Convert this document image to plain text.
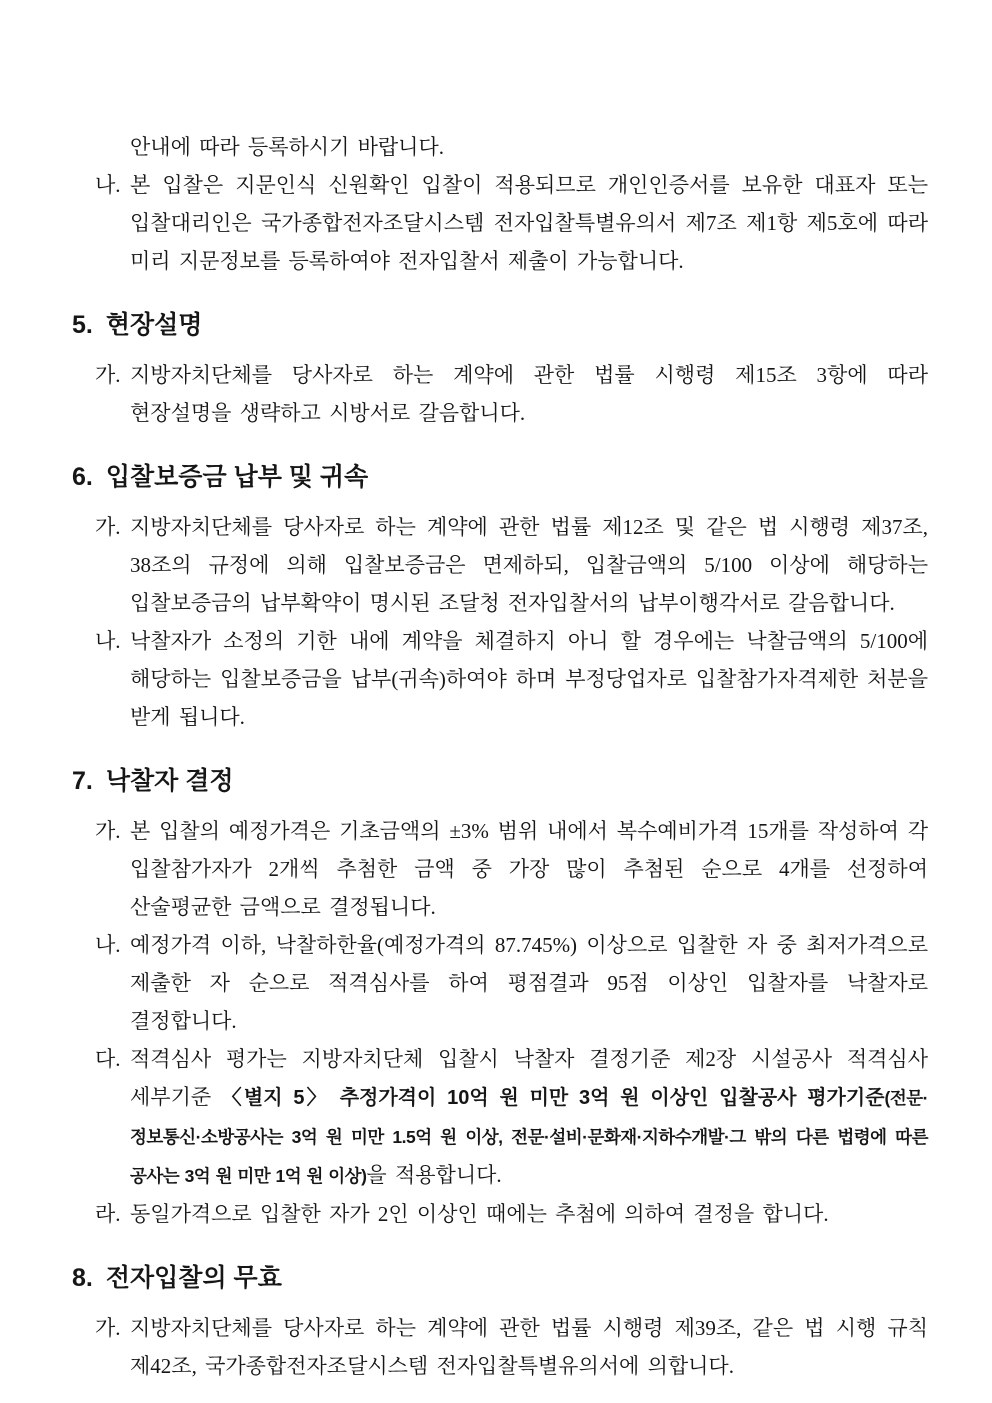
안내에 따라 등록하시기 바랍니다.
나. 본 입찰은 지문인식 신원확인 입찰이 적용되므로 개인인증서를 보유한 대표자 또는 입찰대리인은 국가종합전자조달시스템 전자입찰특별유의서 제7조 제1항 제5호에 따라 미리 지문정보를 등록하여야 전자입찰서 제출이 가능합니다.
5. 현장설명
가. 지방자치단체를 당사자로 하는 계약에 관한 법률 시행령 제15조 3항에 따라 현장설명을 생략하고 시방서로 갈음합니다.
6. 입찰보증금 납부 및 귀속
가. 지방자치단체를 당사자로 하는 계약에 관한 법률 제12조 및 같은 법 시행령 제37조, 38조의 규정에 의해 입찰보증금은 면제하되, 입찰금액의 5/100 이상에 해당하는 입찰보증금의 납부확약이 명시된 조달청 전자입찰서의 납부이행각서로 갈음합니다.
나. 낙찰자가 소정의 기한 내에 계약을 체결하지 아니 할 경우에는 낙찰금액의 5/100에 해당하는 입찰보증금을 납부(귀속)하여야 하며 부정당업자로 입찰참가자격제한 처분을 받게 됩니다.
7. 낙찰자 결정
가. 본 입찰의 예정가격은 기초금액의 ±3% 범위 내에서 복수예비가격 15개를 작성하여 각 입찰참가자가 2개씩 추첨한 금액 중 가장 많이 추첨된 순으로 4개를 선정하여 산술평균한 금액으로 결정됩니다.
나. 예정가격 이하, 낙찰하한율(예정가격의 87.745%) 이상으로 입찰한 자 중 최저가격으로 제출한 자 순으로 적격심사를 하여 평점결과 95점 이상인 입찰자를 낙찰자로 결정합니다.
다. 적격심사 평가는 지방자치단체 입찰시 낙찰자 결정기준 제2장 시설공사 적격심사 세부기준 〈별지 5〉 추정가격이 10억 원 미만 3억 원 이상인 입찰공사 평가기준(전문·정보통신·소방공사는 3억 원 미만 1.5억 원 이상, 전문·설비·문화재·지하수개발·그 밖의 다른 법령에 따른 공사는 3억 원 미만 1억 원 이상)을 적용합니다.
라. 동일가격으로 입찰한 자가 2인 이상인 때에는 추첨에 의하여 결정을 합니다.
8. 전자입찰의 무효
가. 지방자치단체를 당사자로 하는 계약에 관한 법률 시행령 제39조, 같은 법 시행 규칙 제42조, 국가종합전자조달시스템 전자입찰특별유의서에 의합니다.
